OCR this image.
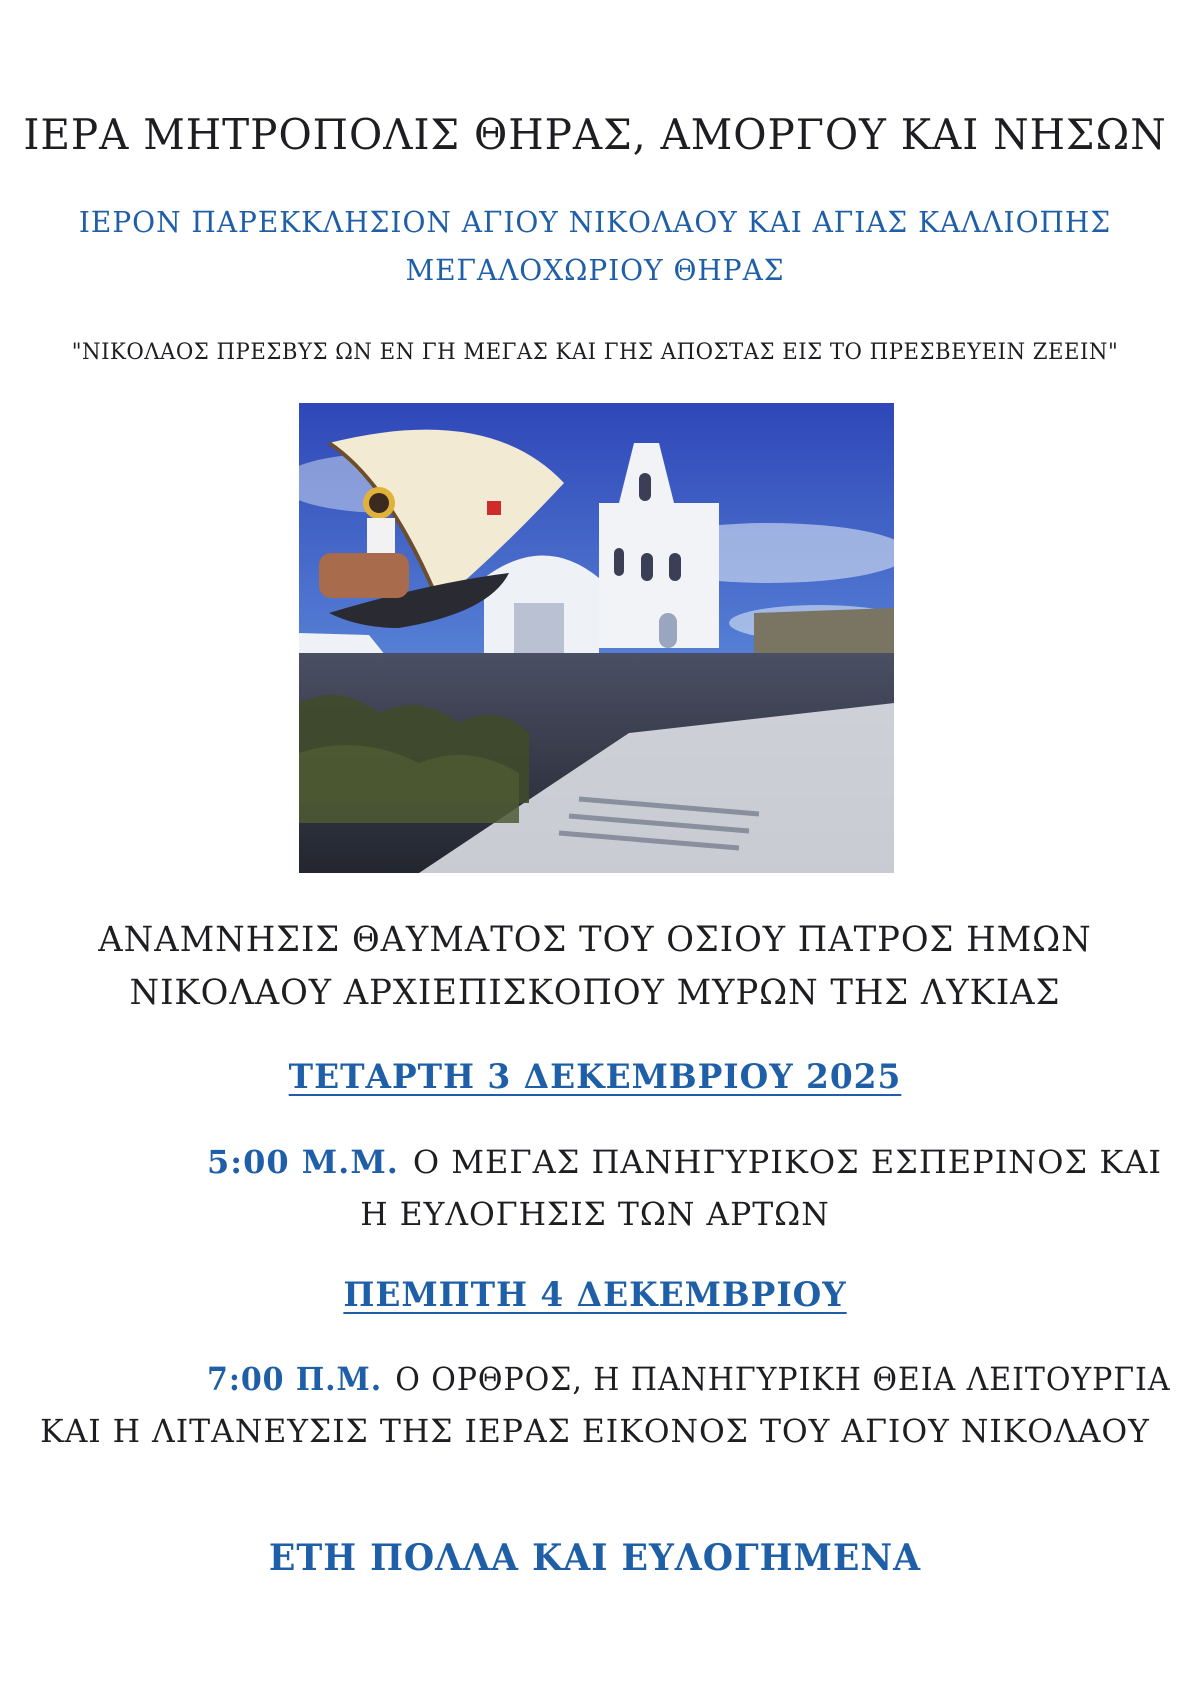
ΙΕΡΑ ΜΗΤΡΟΠΟΛΙΣ ΘΗΡΑΣ, ΑΜΟΡΓΟΥ ΚΑΙ ΝΗΣΩΝ
ΙΕΡΟΝ ΠΑΡΕΚΚΛΗΣΙΟΝ ΑΓΙΟΥ ΝΙΚΟΛΑΟΥ ΚΑΙ ΑΓΙΑΣ ΚΑΛΛΙΟΠΗΣ
ΜΕΓΑΛΟΧΩΡΙΟΥ ΘΗΡΑΣ
"ΝΙΚΟΛΑΟΣ ΠΡΕΣΒΥΣ ΩΝ ΕΝ ΓΗ ΜΕΓΑΣ ΚΑΙ ΓΗΣ ΑΠΟΣΤΑΣ ΕΙΣ ΤΟ ΠΡΕΣΒΕΥΕΙΝ ΖΕΕΙΝ"
ΑΝΑΜΝΗΣΙΣ ΘΑΥΜΑΤΟΣ ΤΟΥ ΟΣΙΟΥ ΠΑΤΡΟΣ ΗΜΩΝ
ΝΙΚΟΛΑΟΥ ΑΡΧΙΕΠΙΣΚΟΠΟΥ ΜΥΡΩΝ ΤΗΣ ΛΥΚΙΑΣ
ΤΕΤΑΡΤΗ 3 ΔΕΚΕΜΒΡΙΟΥ 2025
5:00 Μ.Μ. Ο ΜΕΓΑΣ ΠΑΝΗΓΥΡΙΚΟΣ ΕΣΠΕΡΙΝΟΣ ΚΑΙ
Η ΕΥΛΟΓΗΣΙΣ ΤΩΝ ΑΡΤΩΝ
ΠΕΜΠΤΗ 4 ΔΕΚΕΜΒΡΙΟΥ
7:00 Π.Μ. Ο ΟΡΘΡΟΣ, Η ΠΑΝΗΓΥΡΙΚΗ ΘΕΙΑ ΛΕΙΤΟΥΡΓΙΑ
ΚΑΙ Η ΛΙΤΑΝΕΥΣΙΣ ΤΗΣ ΙΕΡΑΣ ΕΙΚΟΝΟΣ ΤΟΥ ΑΓΙΟΥ ΝΙΚΟΛΑΟΥ
ΕΤΗ ΠΟΛΛΑ ΚΑΙ ΕΥΛΟΓΗΜΕΝΑ
